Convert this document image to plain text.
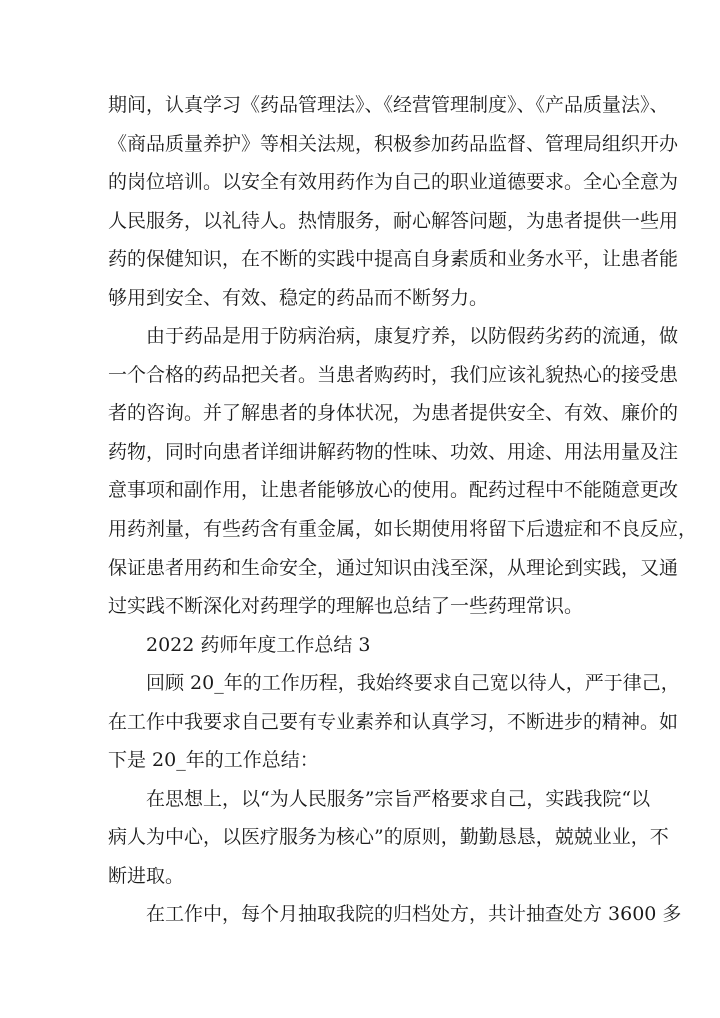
期间，认真学习《药品管理法》、《经营管理制度》、《产品质量法》、
《商品质量养护》等相关法规，积极参加药品监督、管理局组织开办
的岗位培训。以安全有效用药作为自己的职业道德要求。全心全意为
人民服务，以礼待人。热情服务，耐心解答问题，为患者提供一些用
药的保健知识，在不断的实践中提高自身素质和业务水平，让患者能
够用到安全、有效、稳定的药品而不断努力。
由于药品是用于防病治病，康复疗养，以防假药劣药的流通，做
一个合格的药品把关者。当患者购药时，我们应该礼貌热心的接受患
者的咨询。并了解患者的身体状况，为患者提供安全、有效、廉价的
药物，同时向患者详细讲解药物的性味、功效、用途、用法用量及注
意事项和副作用，让患者能够放心的使用。配药过程中不能随意更改
用药剂量，有些药含有重金属，如长期使用将留下后遗症和不良反应，
保证患者用药和生命安全，通过知识由浅至深，从理论到实践，又通
过实践不断深化对药理学的理解也总结了一些药理常识。
2022 药师年度工作总结 3
回顾 20_年的工作历程，我始终要求自己宽以待人，严于律己，
在工作中我要求自己要有专业素养和认真学习，不断进步的精神。如
下是 20_年的工作总结：
在思想上，以“为人民服务”宗旨严格要求自己，实践我院“以
病人为中心，以医疗服务为核心”的原则，勤勤恳恳，兢兢业业，不
断进取。
在工作中，每个月抽取我院的归档处方，共计抽查处方 3600 多
